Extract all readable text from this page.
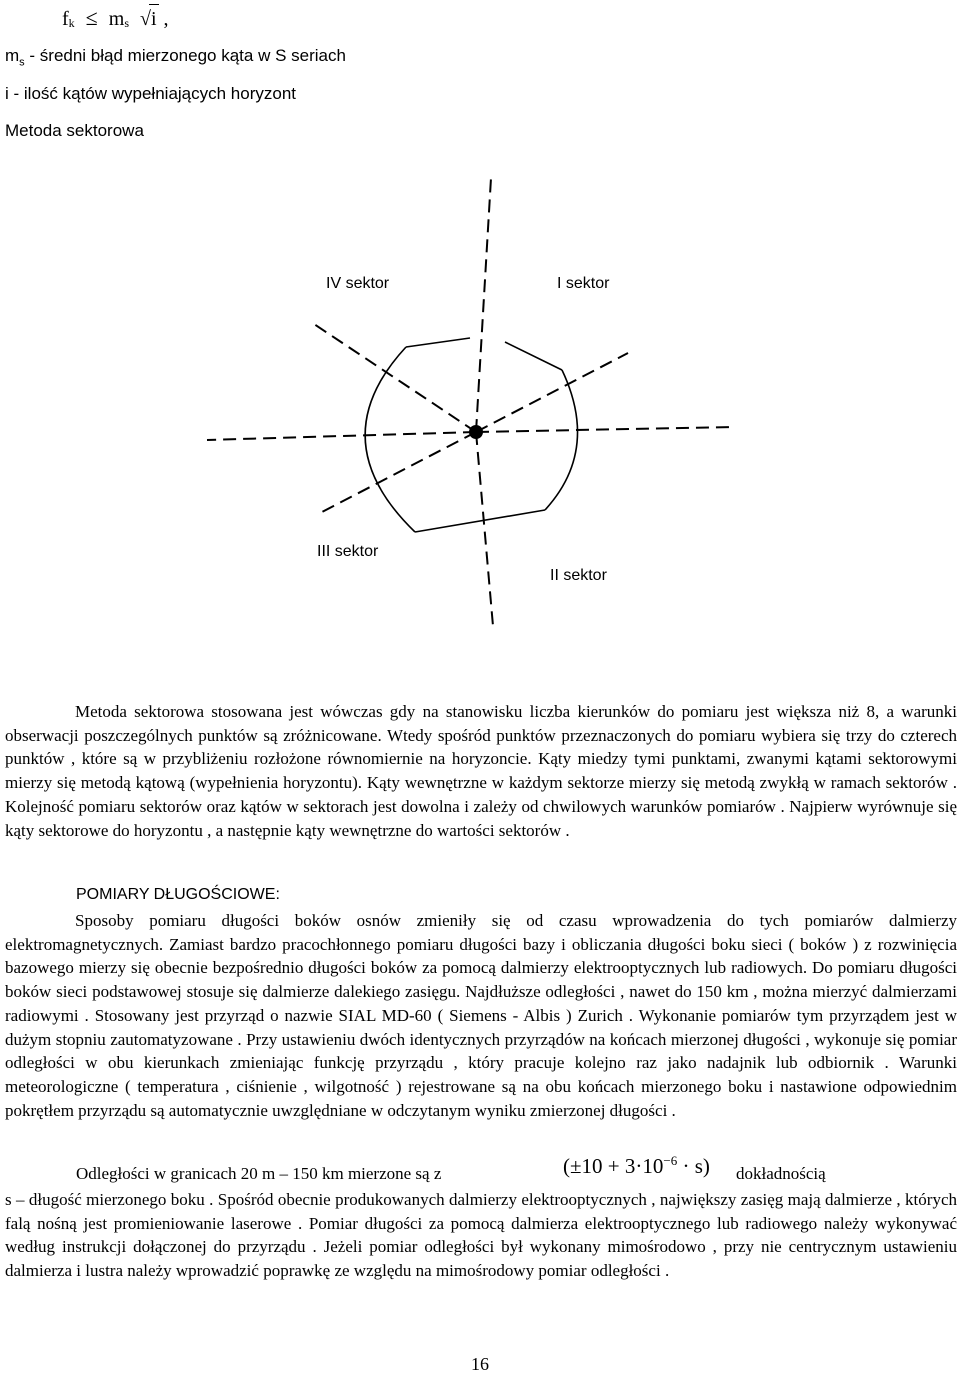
$f_k \le m_s$ √i ,
$m_s$ - średni błąd mierzonego kąta w S seriach
i - ilość kątów wypełniających horyzont
Metoda sektorowa
IV sektor	I sektor
III sektor
II sektor
Metoda sektorowa stosowana jest wówczas gdy na stanowisku liczba kierunków do pomiaru jest większa niż 8, a warunki obserwacji poszczególnych punktów są zróżnicowane. Wtedy spośród punktów przeznaczonych do pomiaru wybiera się trzy do czterech punktów , które są w przybliżeniu rozłożone równomiernie na horyzoncie. Kąty miedzy tymi punktami, zwanymi kątami sektorowymi mierzy się metodą kątową (wypełnienia horyzontu). Kąty wewnętrzne w każdym sektorze mierzy się metodą zwykłą w ramach sektorów . Kolejność pomiaru sektorów oraz kątów w sektorach jest dowolna i zależy od chwilowych warunków pomiarów . Najpierw wyrównuje się kąty sektorowe do horyzontu , a następnie kąty wewnętrzne do wartości sektorów .
POMIARY DŁUGOŚCIOWE:
Sposoby pomiaru długości boków osnów zmieniły się od czasu wprowadzenia do tych pomiarów dalmierzy elektromagnetycznych. Zamiast bardzo pracochłonnego pomiaru długości bazy i obliczania długości boku sieci ( boków ) z rozwinięcia bazowego mierzy się obecnie bezpośrednio długości boków za pomocą dalmierzy elektrooptycznych lub radiowych. Do pomiaru długości boków sieci podstawowej stosuje się dalmierze dalekiego zasięgu. Najdłuższe odległości , nawet do 150 km , można mierzyć dalmierzami radiowymi . Stosowany jest przyrząd o nazwie SIAL MD-60 ( Siemens - Albis ) Zurich . Wykonanie pomiarów tym przyrządem jest w dużym stopniu zautomatyzowane . Przy ustawieniu dwóch identycznych przyrządów na końcach mierzonej długości , wykonuje się pomiar odległości w obu kierunkach zmieniając funkcję przyrządu , który pracuje kolejno raz jako nadajnik lub odbiornik . Warunki meteorologiczne ( temperatura , ciśnienie , wilgotność ) rejestrowane są na obu końcach mierzonego boku i nastawione odpowiednim pokrętłem przyrządu są automatycznie uwzględniane w odczytanym wyniku zmierzonej długości .
Odległości w granicach 20 m – 150 km mierzone są z	$(\pm 10 + 3\cdot 10^{-6} \cdot s)$ dokładnością
s – długość mierzonego boku . Spośród obecnie produkowanych dalmierzy elektrooptycznych , największy zasięg mają dalmierze , których falą nośną jest promieniowanie laserowe . Pomiar długości za pomocą dalmierza elektrooptycznego lub radiowego należy wykonywać według instrukcji dołączonej do przyrządu . Jeżeli pomiar odległości był wykonany mimośrodowo , przy nie centrycznym ustawieniu dalmierza i lustra należy wprowadzić poprawkę ze względu na mimośrodowy pomiar odległości .
16
